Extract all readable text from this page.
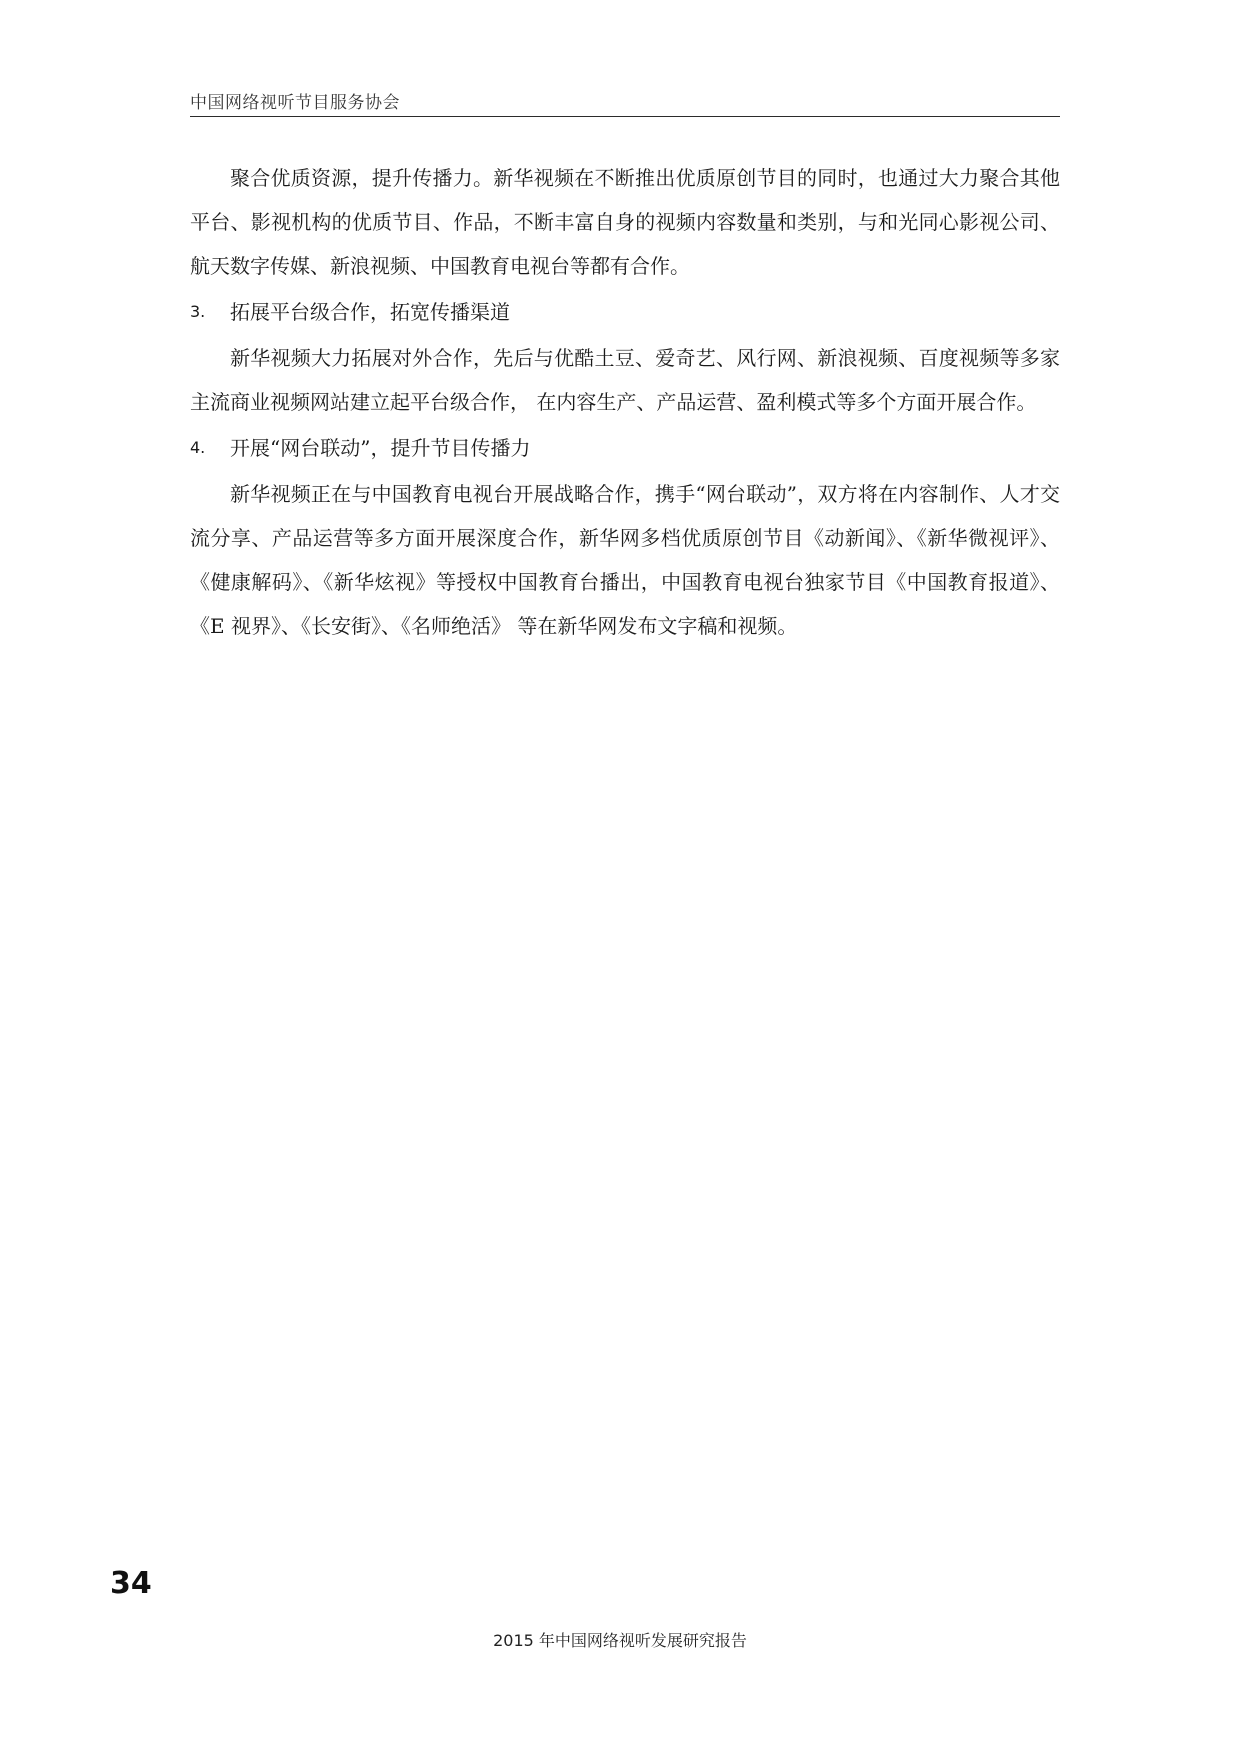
中国网络视听节目服务协会

聚合优质资源，提升传播力。新华视频在不断推出优质原创节目的同时，也通过大力聚合其他平台、影视机构的优质节目、作品，不断丰富自身的视频内容数量和类别，与和光同心影视公司、航天数字传媒、新浪视频、中国教育电视台等都有合作。

3.	拓展平台级合作，拓宽传播渠道

新华视频大力拓展对外合作，先后与优酷土豆、爱奇艺、风行网、新浪视频、百度视频等多家主流商业视频网站建立起平台级合作， 在内容生产、产品运营、盈利模式等多个方面开展合作。

4.	开展“网台联动”，提升节目传播力

新华视频正在与中国教育电视台开展战略合作，携手“网台联动”，双方将在内容制作、人才交流分享、产品运营等多方面开展深度合作，新华网多档优质原创节目《动新闻》、《新华微视评》、《健康解码》、《新华炫视》等授权中国教育台播出，中国教育电视台独家节目《中国教育报道》、《E 视界》、《长安街》、《名师绝活》 等在新华网发布文字稿和视频。

34
2015 年中国网络视听发展研究报告
